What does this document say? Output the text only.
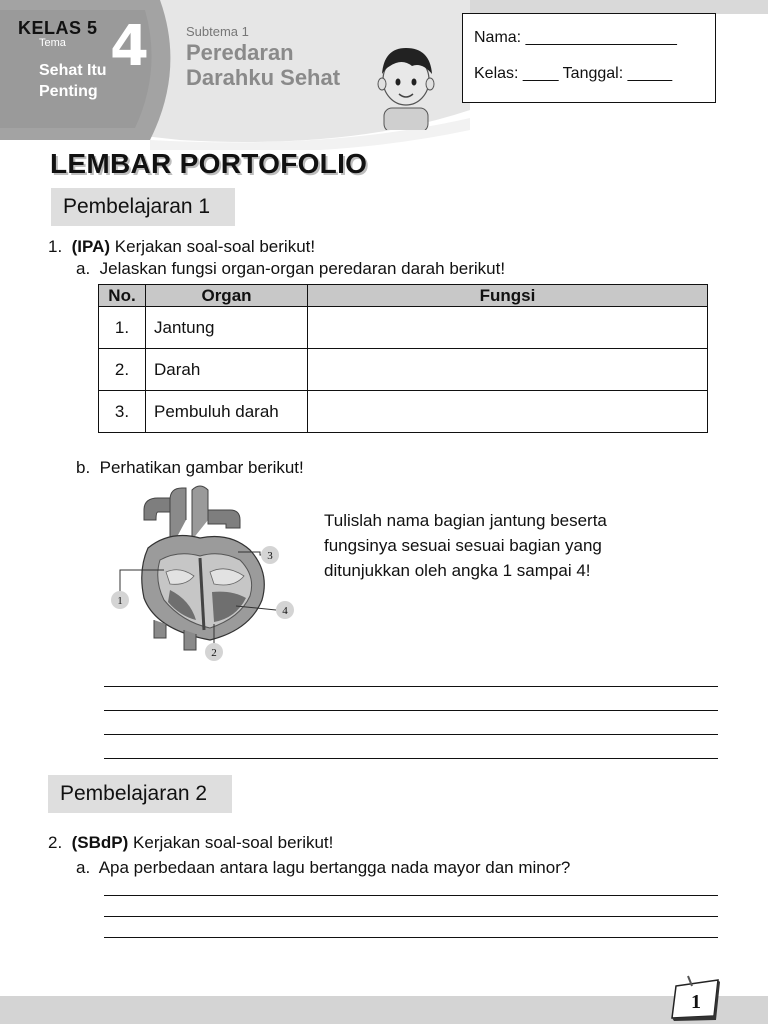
KELAS 5
Tema 4
Sehat Itu Penting
Subtema 1
Peredaran Darahku Sehat
Nama: _________________
Kelas: ____ Tanggal: _____
LEMBAR PORTOFOLIO
Pembelajaran 1
1. (IPA) Kerjakan soal-soal berikut!
a. Jelaskan fungsi organ-organ peredaran darah berikut!
No.	Organ	Fungsi
1.	Jantung	
2.	Darah	
3.	Pembuluh darah	
b. Perhatikan gambar berikut!
1
2
3
4
Tulislah nama bagian jantung beserta
fungsinya sesuai sesuai bagian yang
ditunjukkan oleh angka 1 sampai 4!
Pembelajaran 2
2. (SBdP) Kerjakan soal-soal berikut!
a. Apa perbedaan antara lagu bertangga nada mayor dan minor?
1
